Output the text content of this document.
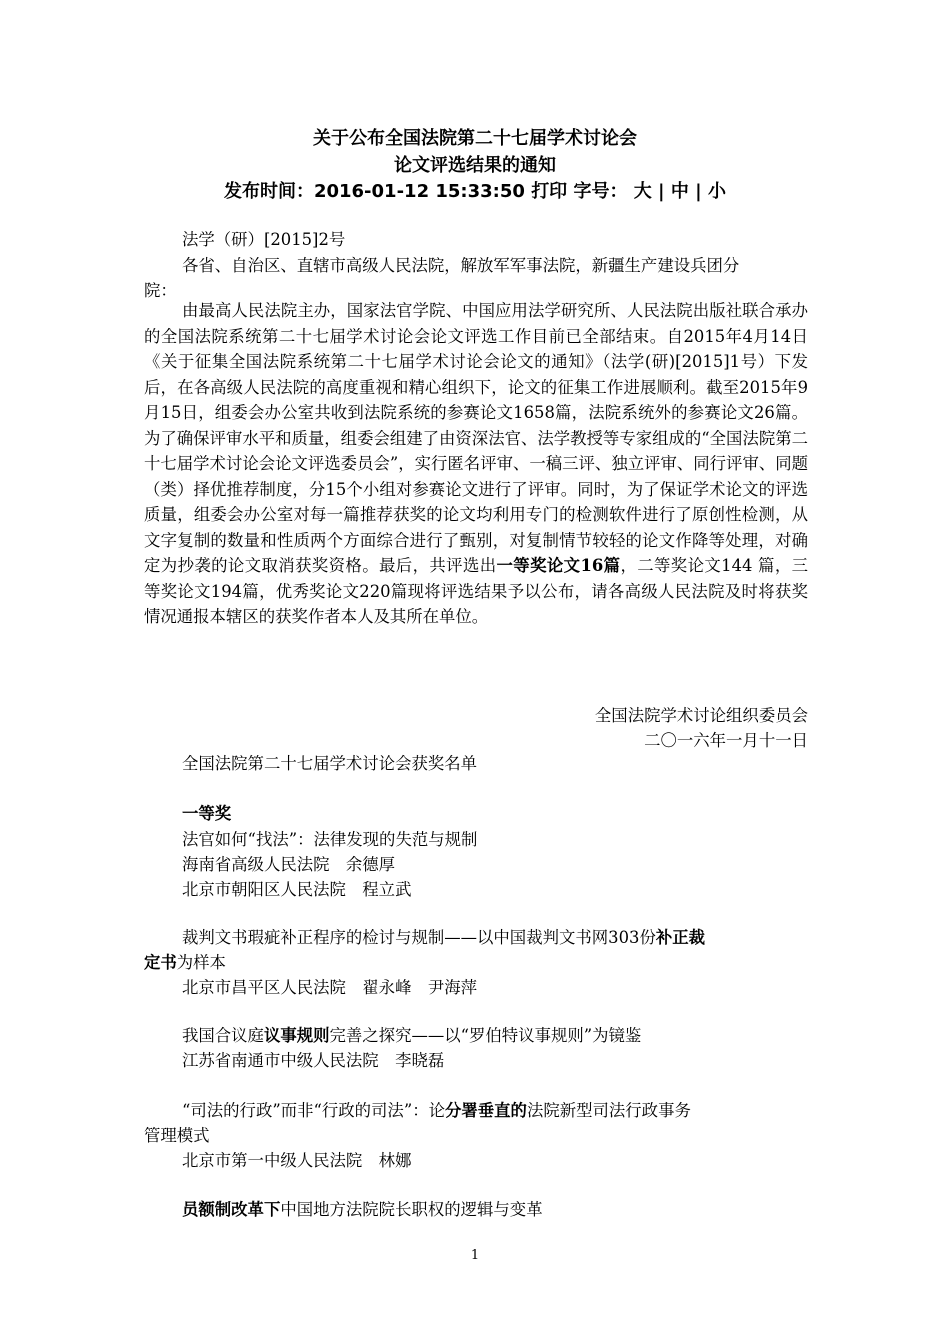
关于公布全国法院第二十七届学术讨论会
论文评选结果的通知
发布时间：2016-01-12 15:33:50 打印 字号： 大 | 中 | 小
法学（研）[2015]2号
各省、自治区、直辖市高级人民法院，解放军军事法院，新疆生产建设兵团分
院：
由最高人民法院主办，国家法官学院、中国应用法学研究所、人民法院出版社联合承办的全国法院系统第二十七届学术讨论会论文评选工作目前已全部结束。自2015年4月14日《关于征集全国法院系统第二十七届学术讨论会论文的通知》（法学(研)[2015]1号）下发后，在各高级人民法院的高度重视和精心组织下，论文的征集工作进展顺利。截至2015年9月15日，组委会办公室共收到法院系统的参赛论文1658篇，法院系统外的参赛论文26篇。为了确保评审水平和质量，组委会组建了由资深法官、法学教授等专家组成的“全国法院第二十七届学术讨论会论文评选委员会”，实行匿名评审、一稿三评、独立评审、同行评审、同题（类）择优推荐制度，分15个小组对参赛论文进行了评审。同时，为了保证学术论文的评选质量，组委会办公室对每一篇推荐获奖的论文均利用专门的检测软件进行了原创性检测，从文字复制的数量和性质两个方面综合进行了甄别，对复制情节较轻的论文作降等处理，对确定为抄袭的论文取消获奖资格。最后，共评选出一等奖论文16篇，二等奖论文144 篇，三等奖论文194篇，优秀奖论文220篇现将评选结果予以公布，请各高级人民法院及时将获奖情况通报本辖区的获奖作者本人及其所在单位。
全国法院学术讨论组织委员会
二〇一六年一月十一日
全国法院第二十七届学术讨论会获奖名单
一等奖
法官如何“找法”：法律发现的失范与规制
海南省高级人民法院　余德厚
北京市朝阳区人民法院　程立武
裁判文书瑕疵补正程序的检讨与规制——以中国裁判文书网303份补正裁
定书为样本
北京市昌平区人民法院　翟永峰　尹海萍
我国合议庭议事规则完善之探究——以“罗伯特议事规则”为镜鉴
江苏省南通市中级人民法院　李晓磊
“司法的行政”而非“行政的司法”：论分署垂直的法院新型司法行政事务
管理模式
北京市第一中级人民法院　林娜
员额制改革下中国地方法院院长职权的逻辑与变革
1
